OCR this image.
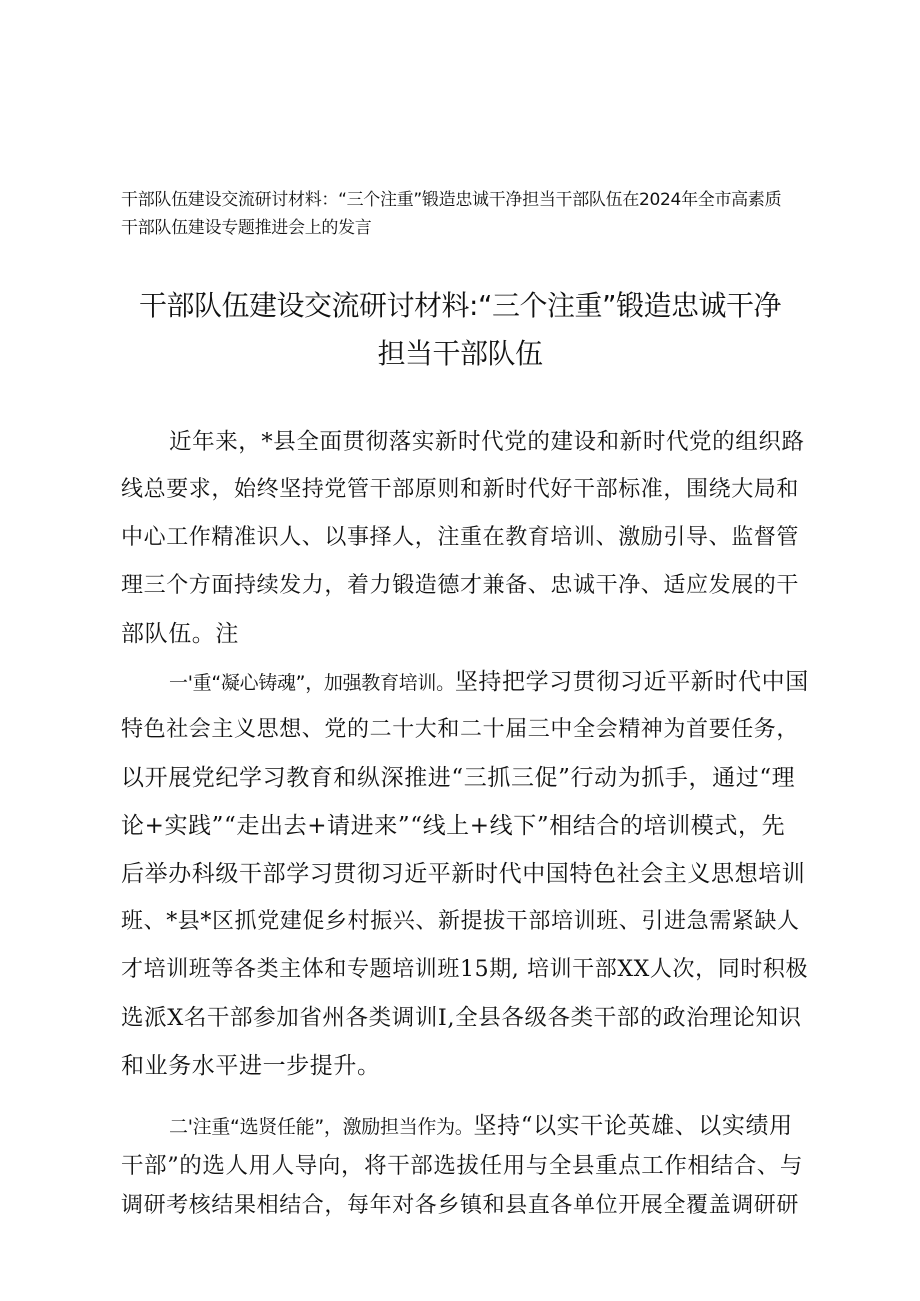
干部队伍建设交流研讨材料：“三个注重”锻造忠诚干净担当干部队伍在2024年全市高素质
干部队伍建设专题推进会上的发言
干部队伍建设交流研讨材料:“三个注重”锻造忠诚干净
担当干部队伍
近年来，*县全面贯彻落实新时代党的建设和新时代党的组织路
线总要求，始终坚持党管干部原则和新时代好干部标准，围绕大局和
中心工作精准识人、以事择人，注重在教育培训、激励引导、监督管
理三个方面持续发力，着力锻造德才兼备、忠诚干净、适应发展的干
部队伍。注
一'重“凝心铸魂”，加强教育培训。坚持把学习贯彻习近平新时代中国
特色社会主义思想、党的二十大和二十届三中全会精神为首要任务，
以开展党纪学习教育和纵深推进“三抓三促”行动为抓手，通过“理
论+实践”“走出去+请进来”“线上+线下”相结合的培训模式，先
后举办科级干部学习贯彻习近平新时代中国特色社会主义思想培训
班、*县*区抓党建促乡村振兴、新提拔干部培训班、引进急需紧缺人
才培训班等各类主体和专题培训班15期, 培训干部XX人次，同时积极
选派X名干部参加省州各类调训I,全县各级各类干部的政治理论知识
和业务水平进一步提升。
二'注重“选贤任能”，激励担当作为。坚持“以实干论英雄、以实绩用
干部”的选人用人导向，将干部选拔任用与全县重点工作相结合、与
调研考核结果相结合，每年对各乡镇和县直各单位开展全覆盖调研研
